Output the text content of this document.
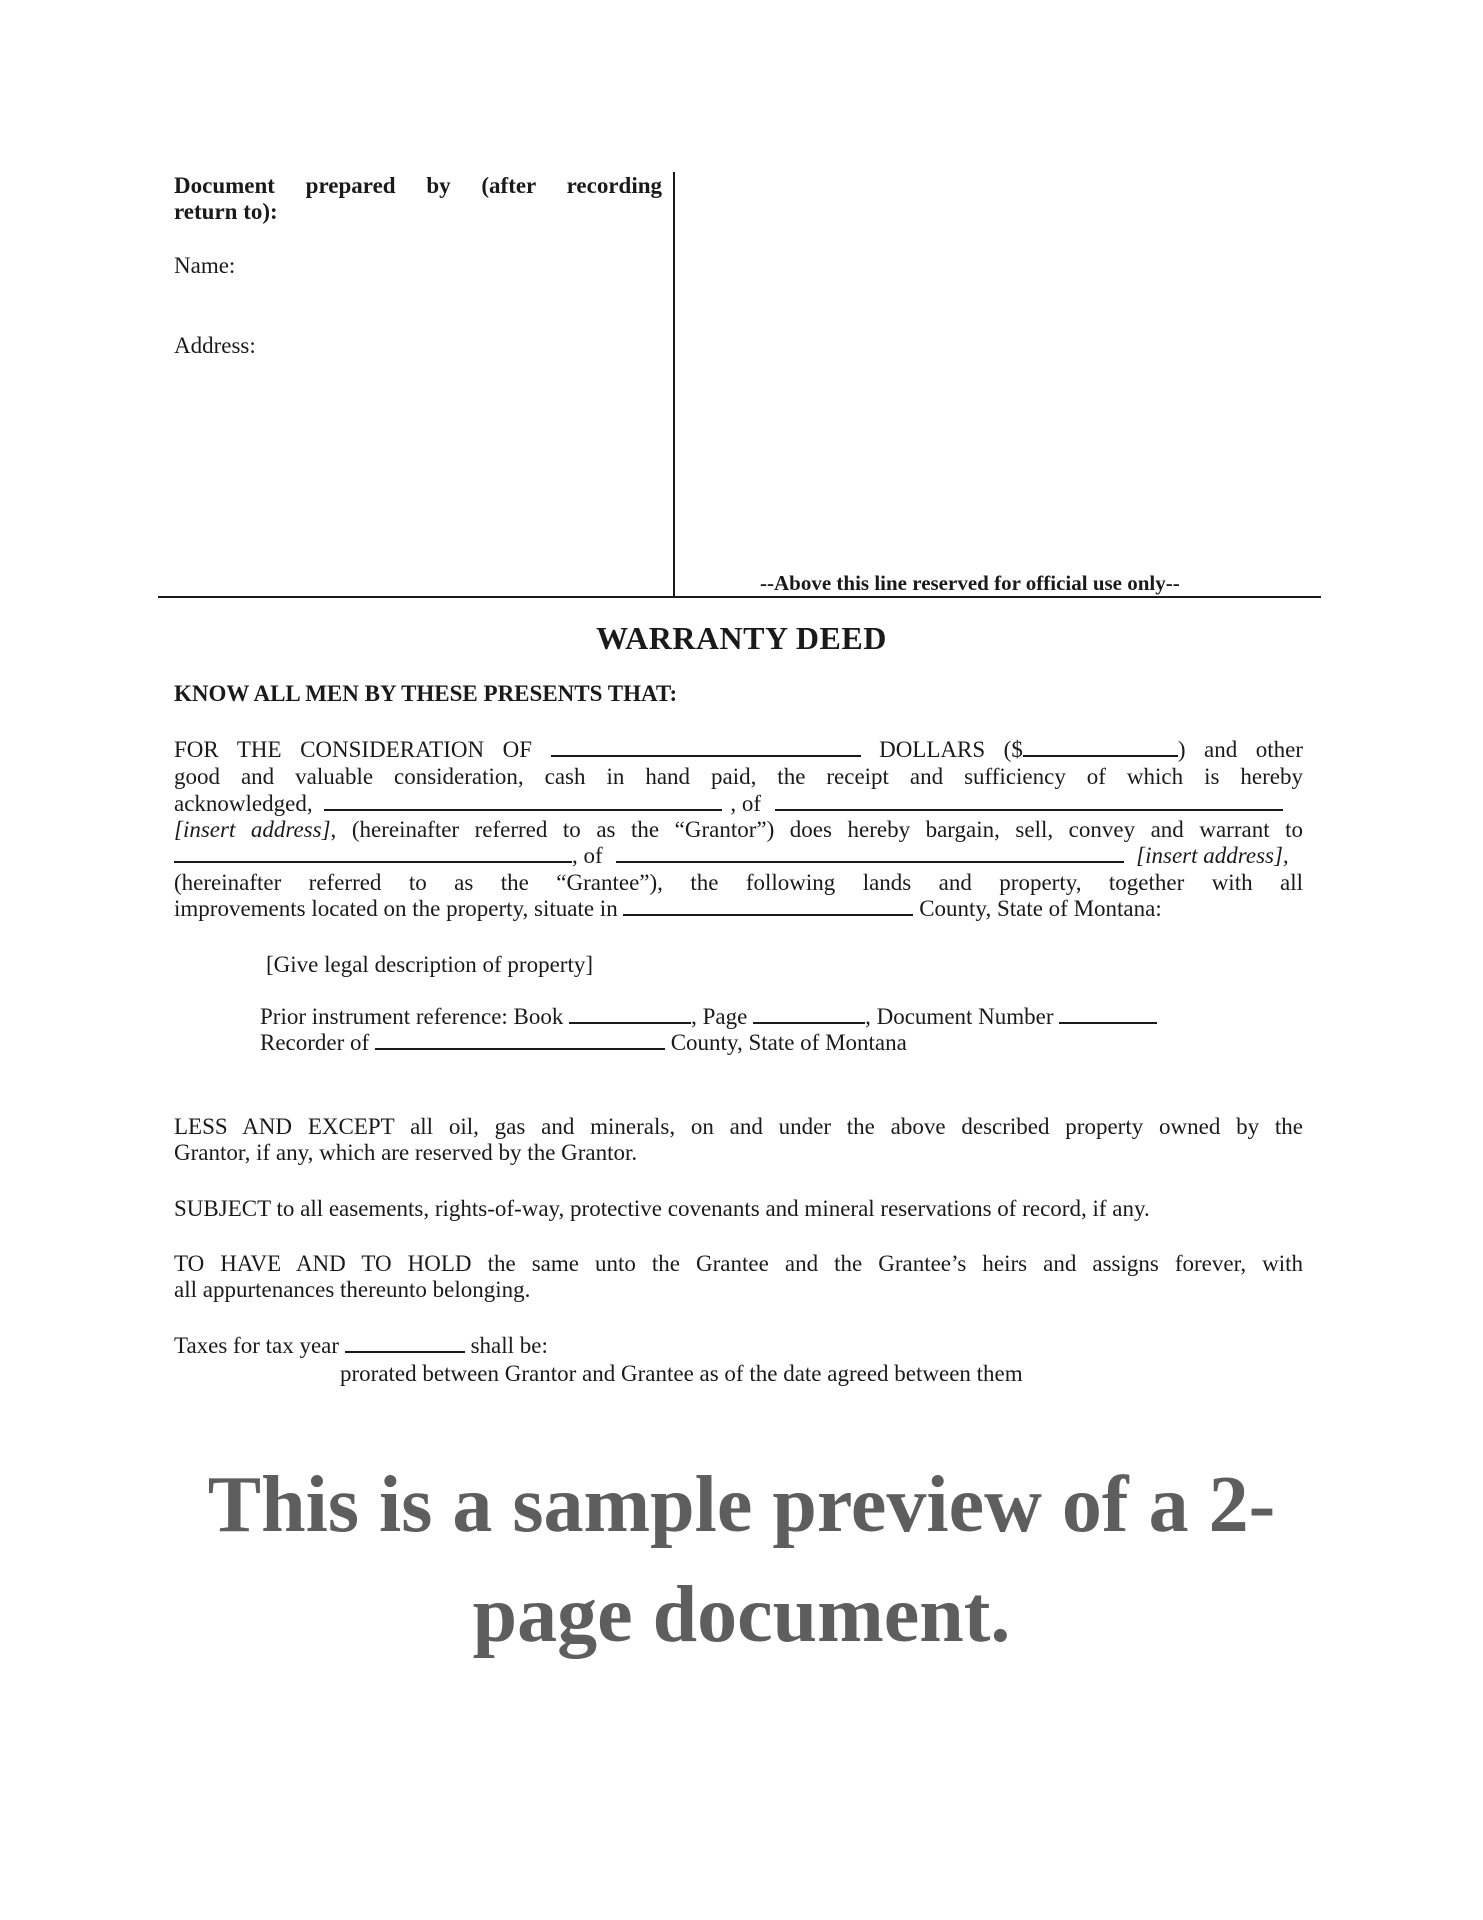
Document prepared by (after recording
return to):
Name:
Address:
--Above this line reserved for official use only--
WARRANTY DEED
KNOW ALL MEN BY THESE PRESENTS THAT:
FOR THE CONSIDERATION OF	DOLLARS ($	) and other
good and valuable consideration, cash in hand paid, the receipt and sufficiency of which is hereby
acknowledged,	, of
[insert address], (hereinafter referred to as the “Grantor”) does hereby bargain, sell, convey and warrant to
, of	[insert address],
(hereinafter referred to as the “Grantee”), the following lands and property, together with all
improvements located on the property, situate in	County, State of Montana:
[Give legal description of property]
Prior instrument reference: Book	, Page	, Document Number
Recorder of	County, State of Montana
LESS AND EXCEPT all oil, gas and minerals, on and under the above described property owned by the
Grantor, if any, which are reserved by the Grantor.
SUBJECT to all easements, rights-of-way, protective covenants and mineral reservations of record, if any.
TO HAVE AND TO HOLD the same unto the Grantee and the Grantee’s heirs and assigns forever, with
all appurtenances thereunto belonging.
Taxes for tax year	shall be:
prorated between Grantor and Grantee as of the date agreed between them
This is a sample preview of a 2-
page document.
